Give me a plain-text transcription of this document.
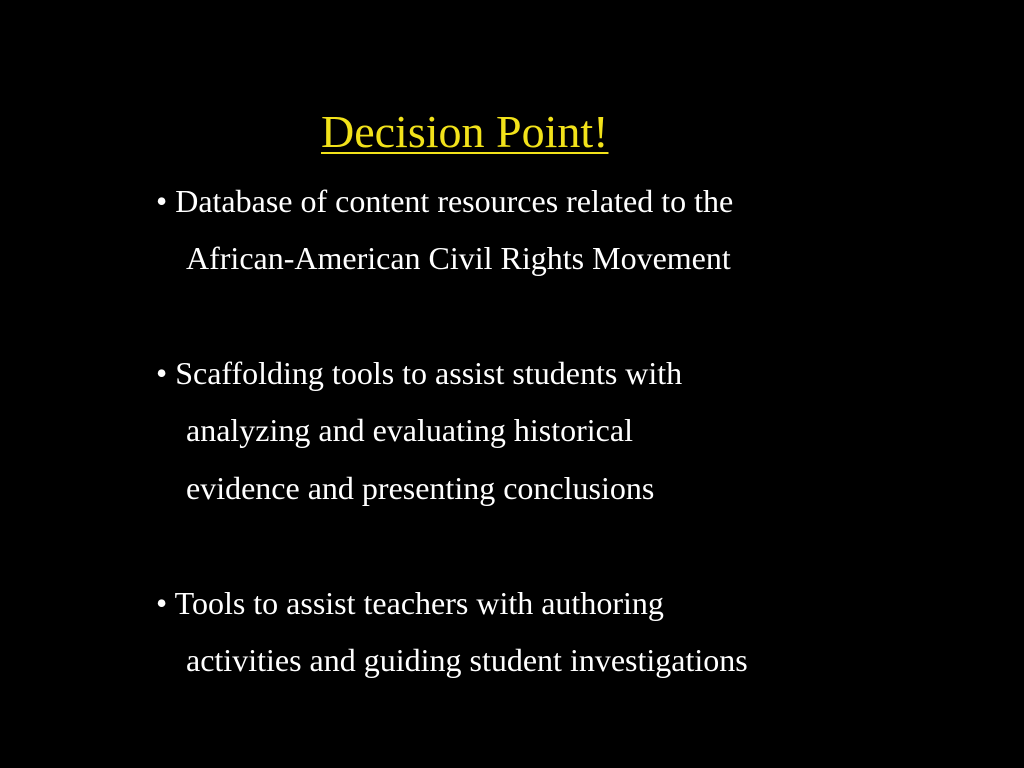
Decision Point!
• Database of content resources related to the
African-American Civil Rights Movement
• Scaffolding tools to assist students with
analyzing and evaluating historical
evidence and presenting conclusions
• Tools to assist teachers with authoring
activities and guiding student investigations
